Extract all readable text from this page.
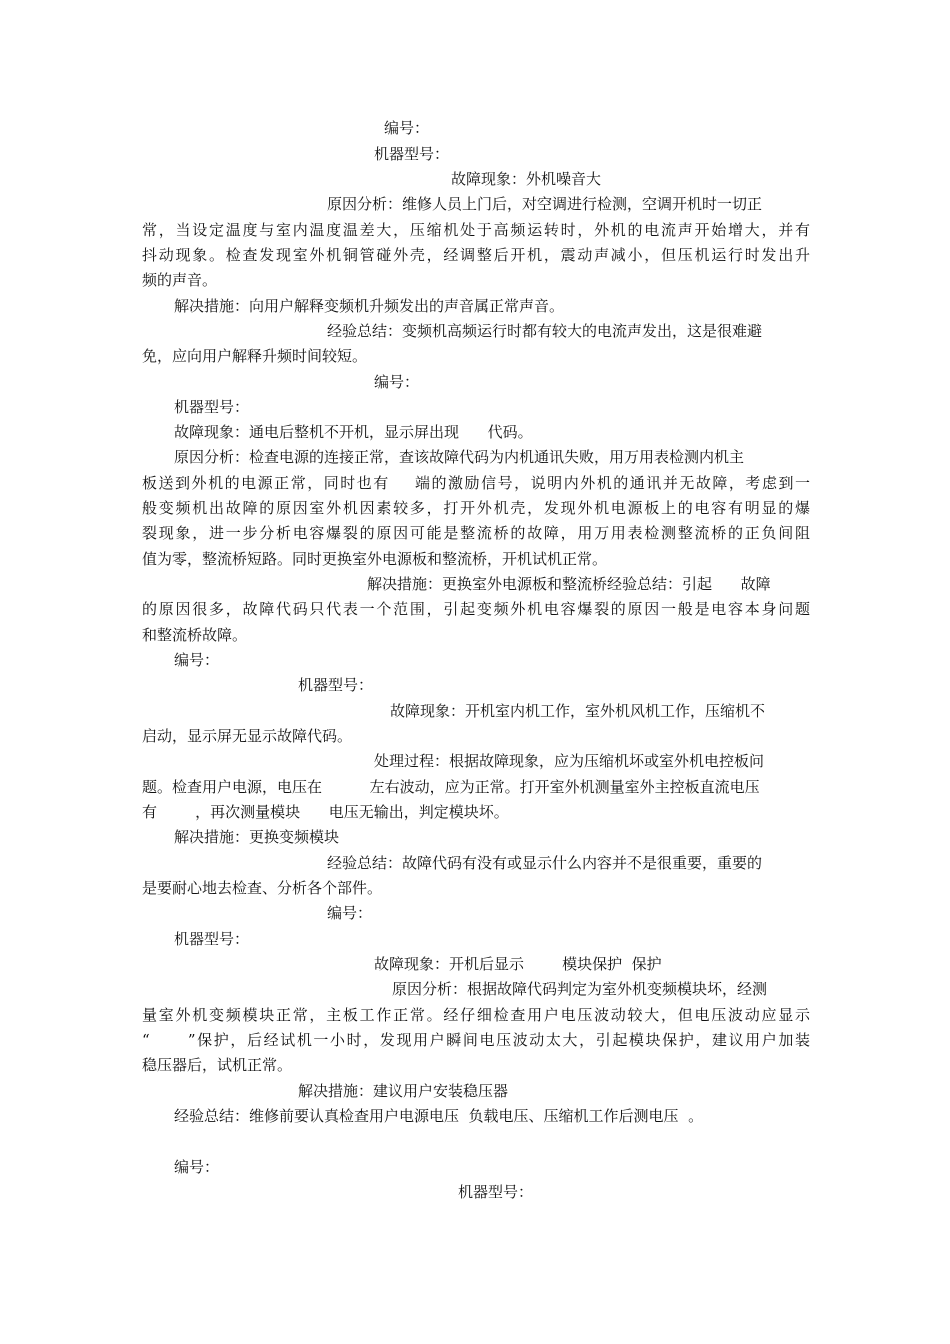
编号：
机器型号：
故障现象：外机噪音大
原因分析：维修人员上门后，对空调进行检测，空调开机时一切正
常，当设定温度与室内温度温差大，压缩机处于高频运转时，外机的电流声开始增大，并有
抖动现象。检查发现室外机铜管碰外壳，经调整后开机，震动声减小，但压机运行时发出升
频的声音。
解决措施：向用户解释变频机升频发出的声音属正常声音。
经验总结：变频机高频运行时都有较大的电流声发出，这是很难避
免，应向用户解释升频时间较短。
编号：
机器型号：
故障现象：通电后整机不开机，显示屏出现      代码。
原因分析：检查电源的连接正常，查该故障代码为内机通讯失败，用万用表检测内机主
板送到外机的电源正常，同时也有    端的激励信号，说明内外机的通讯并无故障，考虑到一
般变频机出故障的原因室外机因素较多，打开外机壳，发现外机电源板上的电容有明显的爆
裂现象，进一步分析电容爆裂的原因可能是整流桥的故障，用万用表检测整流桥的正负间阻
值为零，整流桥短路。同时更换室外电源板和整流桥，开机试机正常。
解决措施：更换室外电源板和整流桥经验总结：引起      故障
的原因很多，故障代码只代表一个范围，引起变频外机电容爆裂的原因一般是电容本身问题
和整流桥故障。
编号：
机器型号：
故障现象：开机室内机工作，室外机风机工作，压缩机不
启动，显示屏无显示故障代码。
处理过程：根据故障现象，应为压缩机坏或室外机电控板问
题。检查用户电源，电压在          左右波动，应为正常。打开室外机测量室外主控板直流电压
有        ，再次测量模块      电压无输出，判定模块坏。
解决措施：更换变频模块
经验总结：故障代码有没有或显示什么内容并不是很重要，重要的
是要耐心地去检查、分析各个部件。
编号：
机器型号：
故障现象：开机后显示        模块保护  保护
原因分析：根据故障代码判定为室外机变频模块坏，经测
量室外机变频模块正常，主板工作正常。经仔细检查用户电压波动较大，但电压波动应显示
“      ”保护，后经试机一小时，发现用户瞬间电压波动太大，引起模块保护，建议用户加装
稳压器后，试机正常。
解决措施：建议用户安装稳压器
经验总结：维修前要认真检查用户电源电压  负载电压、压缩机工作后测电压  。
编号：
机器型号：
